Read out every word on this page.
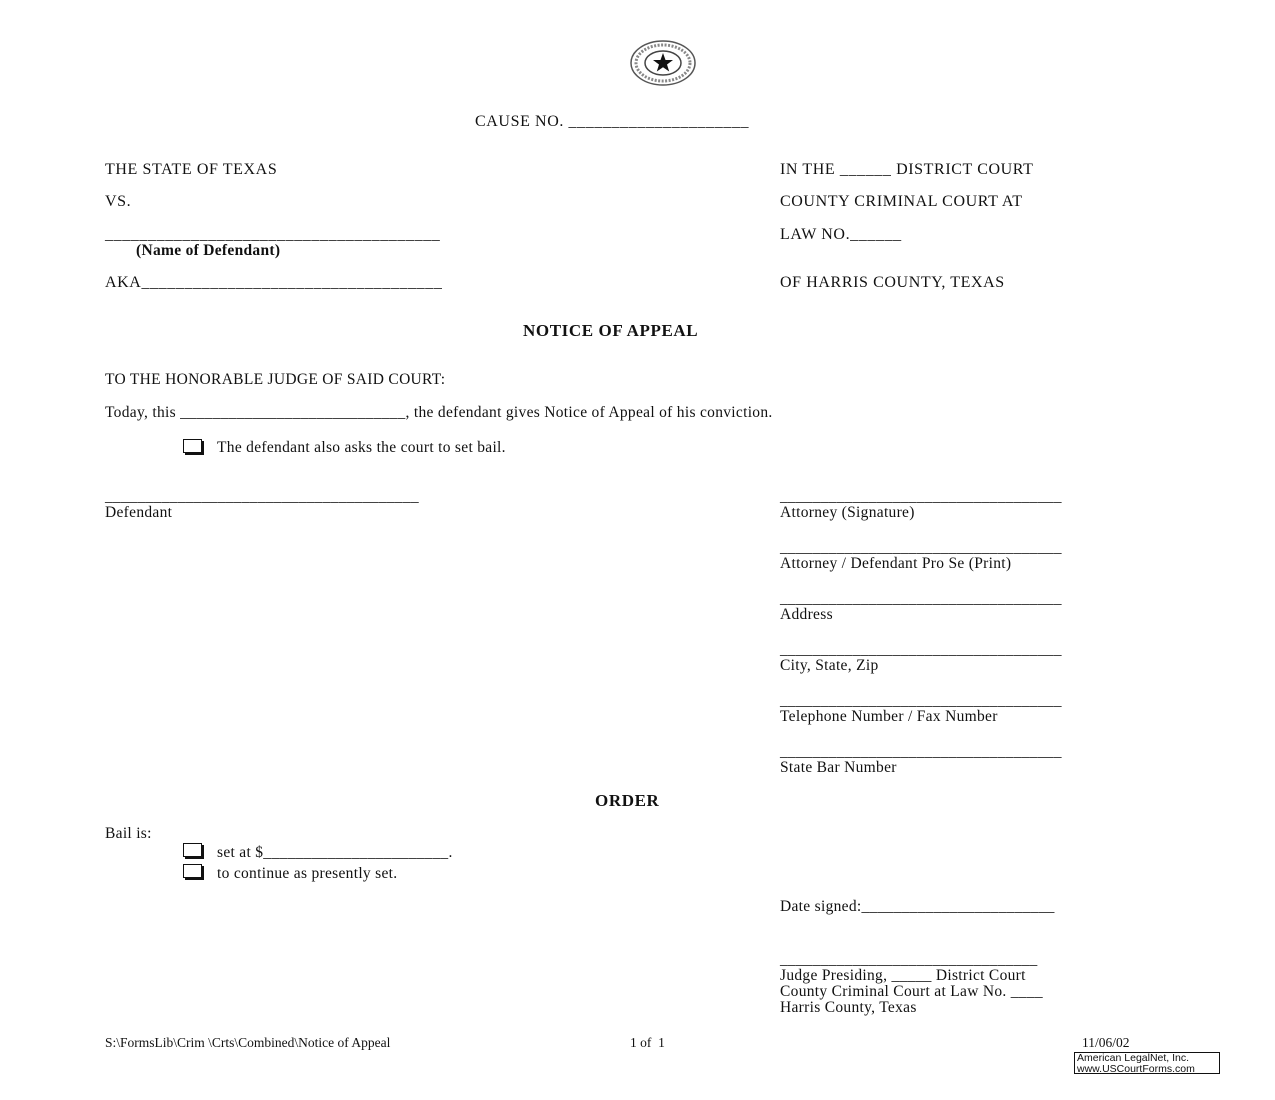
CAUSE NO. _____________________
THE STATE OF TEXAS
VS.
_______________________________________
(Name of Defendant)
AKA___________________________________
IN THE ______ DISTRICT COURT
COUNTY CRIMINAL COURT AT
LAW NO.______
OF HARRIS COUNTY, TEXAS
NOTICE OF APPEAL
TO THE HONORABLE JUDGE OF SAID COURT:
Today, this ____________________________, the defendant gives Notice of Appeal of his conviction.
The defendant also asks the court to set bail.
_______________________________________
Defendant
___________________________________
Attorney (Signature)
___________________________________
Attorney / Defendant Pro Se (Print)
___________________________________
Address
___________________________________
City, State, Zip
___________________________________
Telephone Number / Fax Number
___________________________________
State Bar Number
ORDER
Bail is:
set at $_______________________.
to continue as presently set.
Date signed:________________________
________________________________
Judge Presiding, _____ District Court
County Criminal Court at Law No. ____
Harris County, Texas
S:\FormsLib\Crim \Crts\Combined\Notice of Appeal	1 of  1	11/06/02
American LegalNet, Inc.
www.USCourtForms.com
